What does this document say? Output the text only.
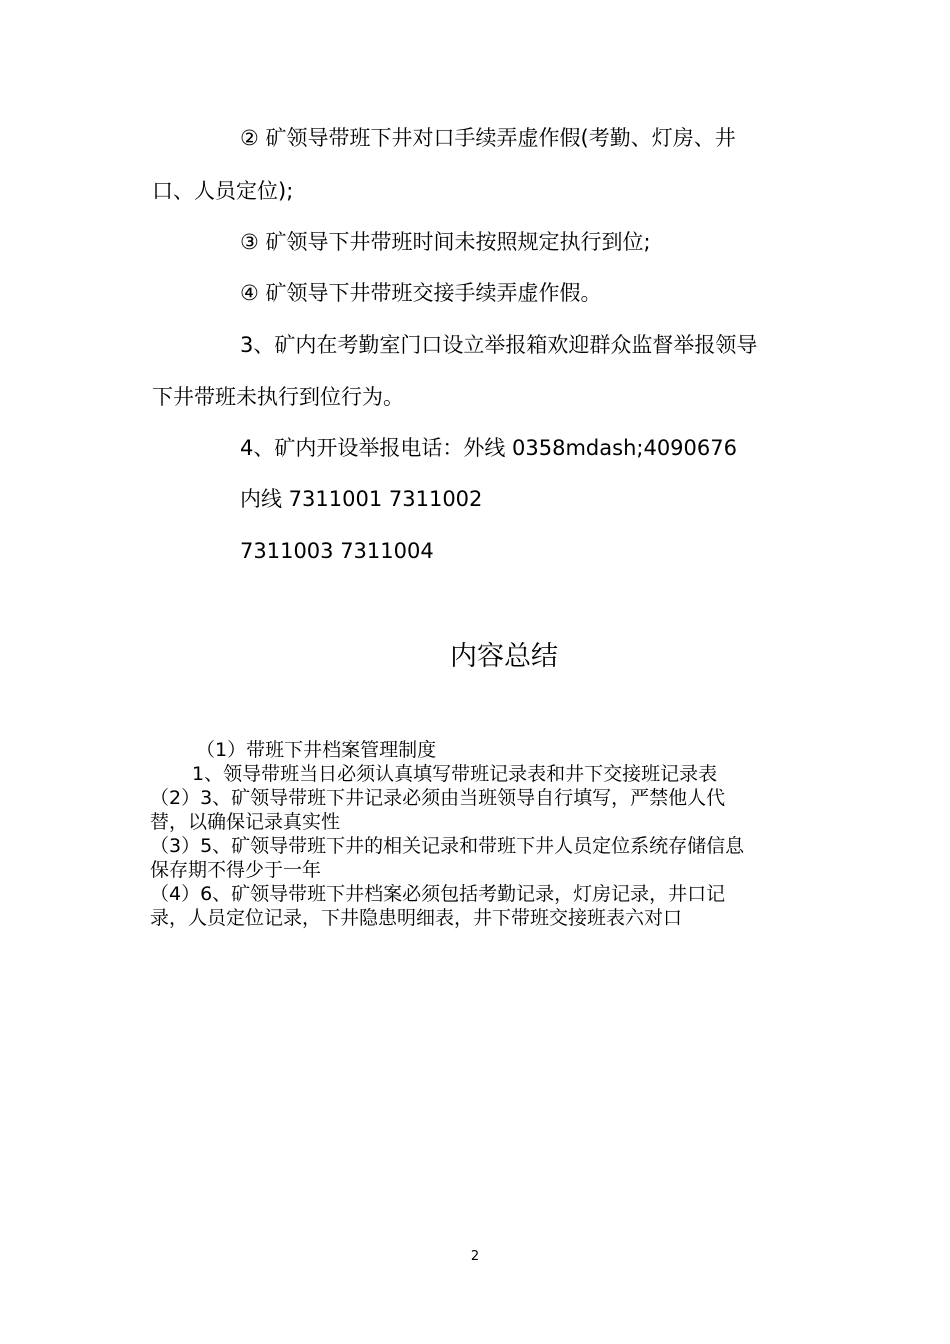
② 矿领导带班下井对口手续弄虚作假(考勤、灯房、井
口、人员定位);
③ 矿领导下井带班时间未按照规定执行到位;
④ 矿领导下井带班交接手续弄虚作假。
3、矿内在考勤室门口设立举报箱欢迎群众监督举报领导
下井带班未执行到位行为。
4、矿内开设举报电话：外线 0358mdash;4090676
内线 7311001 7311002
7311003 7311004
内容总结
（1）带班下井档案管理制度
1、领导带班当日必须认真填写带班记录表和井下交接班记录表
（2）3、矿领导带班下井记录必须由当班领导自行填写，严禁他人代
替，以确保记录真实性
（3）5、矿领导带班下井的相关记录和带班下井人员定位系统存储信息
保存期不得少于一年
（4）6、矿领导带班下井档案必须包括考勤记录，灯房记录，井口记
录，人员定位记录，下井隐患明细表，井下带班交接班表六对口
2
